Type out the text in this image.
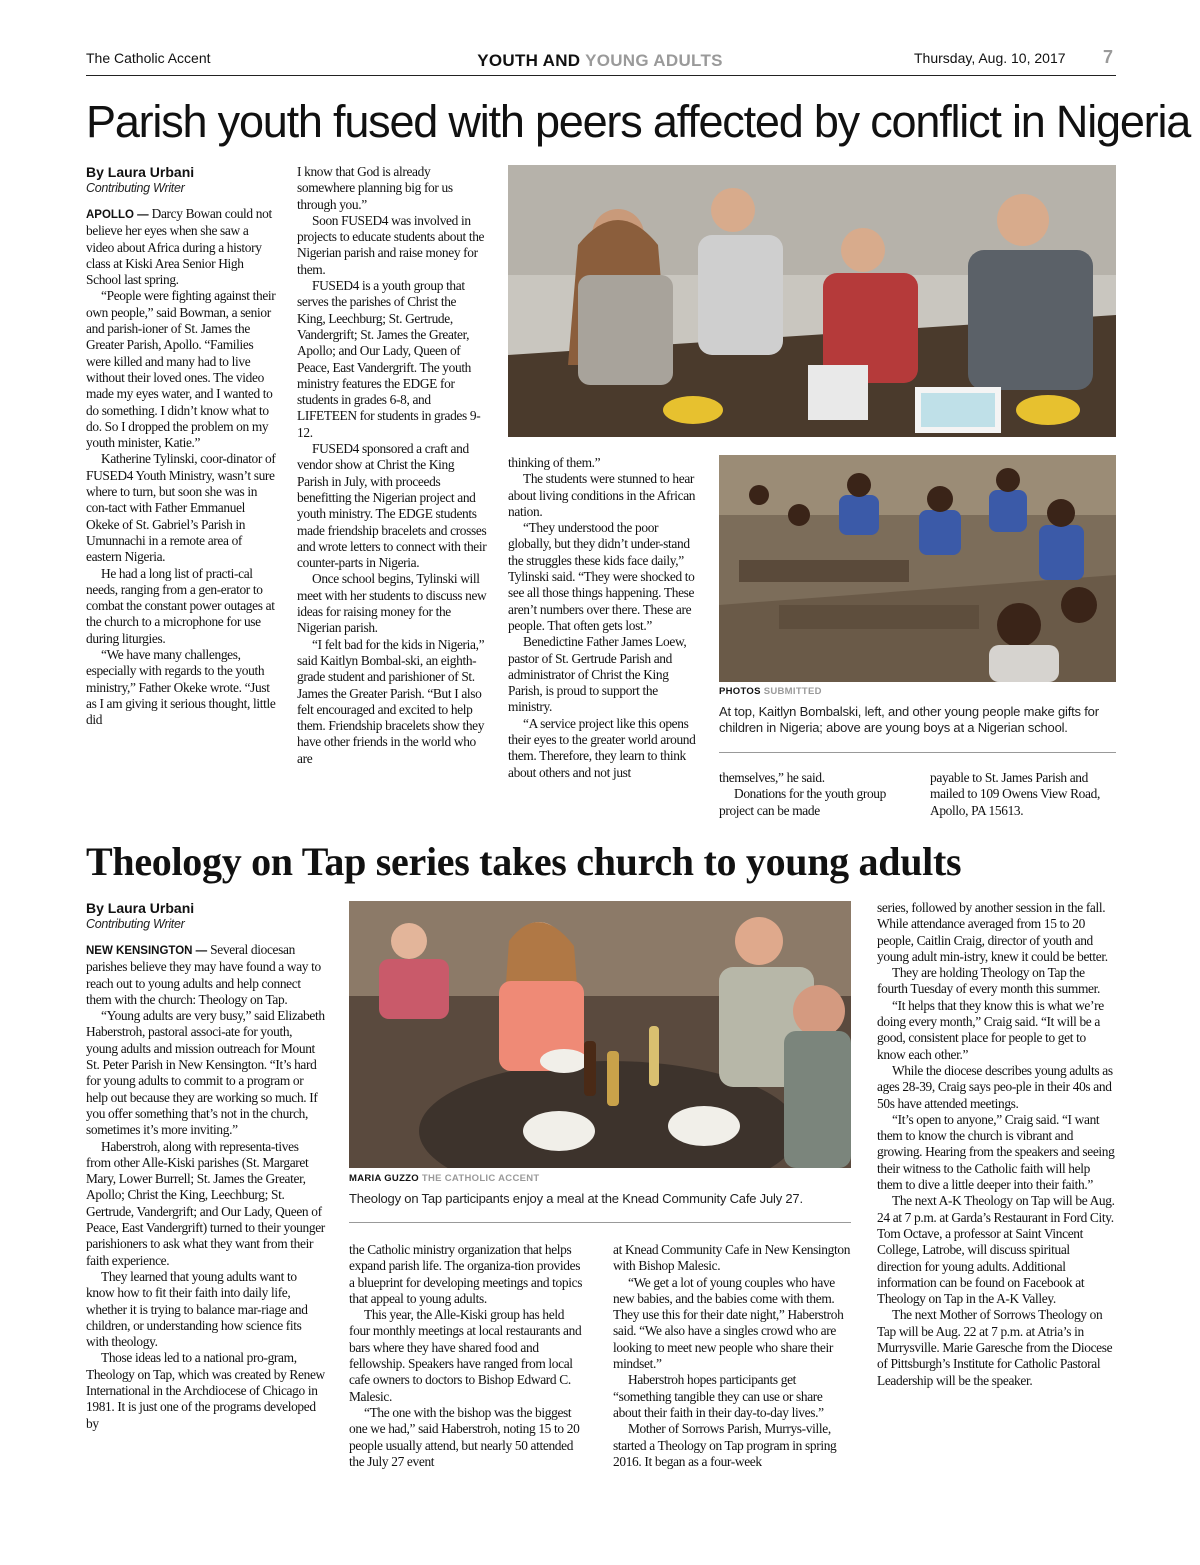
The Catholic Accent	YOUTH AND YOUNG ADULTS	Thursday, Aug. 10, 2017 7
Parish youth fused with peers affected by conflict in Nigeria
By Laura Urbani
Contributing Writer

APOLLO — Darcy Bowan could not believe her eyes when she saw a video about Africa during a history class at Kiski Area Senior High School last spring.

“People were fighting against their own people,” said Bowman, a senior and parish-ioner of St. James the Greater Parish, Apollo. “Families were killed and many had to live without their loved ones. The video made my eyes water, and I wanted to do something. I didn’t know what to do. So I dropped the problem on my youth minister, Katie.”

Katherine Tylinski, coor-dinator of FUSED4 Youth Ministry, wasn’t sure where to turn, but soon she was in con-tact with Father Emmanuel Okeke of St. Gabriel’s Parish in Umunnachi in a remote area of eastern Nigeria.

He had a long list of practi-cal needs, ranging from a gen-erator to combat the constant power outages at the church to a microphone for use during liturgies.

“We have many challenges, especially with regards to the youth ministry,” Father Okeke wrote. “Just as I am giving it serious thought, little did

I know that God is already somewhere planning big for us through you.”

Soon FUSED4 was involved in projects to educate students about the Nigerian parish and raise money for them.

FUSED4 is a youth group that serves the parishes of Christ the King, Leechburg; St. Gertrude, Vandergrift; St. James the Greater, Apollo; and Our Lady, Queen of Peace, East Vandergrift. The youth ministry features the EDGE for students in grades 6-8, and LIFETEEN for students in grades 9-12.

FUSED4 sponsored a craft and vendor show at Christ the King Parish in July, with proceeds benefitting the Nigerian project and youth ministry. The EDGE students made friendship bracelets and crosses and wrote letters to connect with their counter-parts in Nigeria.

Once school begins, Tylinski will meet with her students to discuss new ideas for raising money for the Nigerian parish.

“I felt bad for the kids in Nigeria,” said Kaitlyn Bombal-ski, an eighth-grade student and parishioner of St. James the Greater Parish. “But I also felt encouraged and excited to help them. Friendship bracelets show they have other friends in the world who are

thinking of them.”

The students were stunned to hear about living conditions in the African nation.

“They understood the poor globally, but they didn’t under-stand the struggles these kids face daily,” Tylinski said. “They were shocked to see all those things happening. These aren’t numbers over there. These are people. That often gets lost.”

Benedictine Father James Loew, pastor of St. Gertrude Parish and administrator of Christ the King Parish, is proud to support the ministry.

“A service project like this opens their eyes to the greater world around them. Therefore, they learn to think about others and not just

PHOTOS SUBMITTED
At top, Kaitlyn Bombalski, left, and other young people make gifts for children in Nigeria; above are young boys at a Nigerian school.

themselves,” he said.

Donations for the youth group project can be made

payable to St. James Parish and mailed to 109 Owens View Road, Apollo, PA 15613.

Theology on Tap series takes church to young adults
By Laura Urbani
Contributing Writer

NEW KENSINGTON — Several diocesan parishes believe they may have found a way to reach out to young adults and help connect them with the church: Theology on Tap.

“Young adults are very busy,” said Elizabeth Haberstroh, pastoral associ-ate for youth, young adults and mission outreach for Mount St. Peter Parish in New Kensington. “It’s hard for young adults to commit to a program or help out because they are working so much. If you offer something that’s not in the church, sometimes it’s more inviting.”

Haberstroh, along with representa-tives from other Alle-Kiski parishes (St. Margaret Mary, Lower Burrell; St. James the Greater, Apollo; Christ the King, Leechburg; St. Gertrude, Vandergrift; and Our Lady, Queen of Peace, East Vandergrift) turned to their younger parishioners to ask what they want from their faith experience.

They learned that young adults want to know how to fit their faith into daily life, whether it is trying to balance mar-riage and children, or understanding how science fits with theology.

Those ideas led to a national pro-gram, Theology on Tap, which was created by Renew International in the Archdiocese of Chicago in 1981. It is just one of the programs developed by

MARIA GUZZO THE CATHOLIC ACCENT
Theology on Tap participants enjoy a meal at the Knead Community Cafe July 27.

the Catholic ministry organization that helps expand parish life. The organiza-tion provides a blueprint for developing meetings and topics that appeal to young adults.

This year, the Alle-Kiski group has held four monthly meetings at local restaurants and bars where they have shared food and fellowship. Speakers have ranged from local cafe owners to doctors to Bishop Edward C. Malesic.

“The one with the bishop was the biggest one we had,” said Haberstroh, noting 15 to 20 people usually attend, but nearly 50 attended the July 27 event

at Knead Community Cafe in New Kensington with Bishop Malesic.

“We get a lot of young couples who have new babies, and the babies come with them. They use this for their date night,” Haberstroh said. “We also have a singles crowd who are looking to meet new people who share their mindset.”

Haberstroh hopes participants get “something tangible they can use or share about their faith in their day-to-day lives.”

Mother of Sorrows Parish, Murrys-ville, started a Theology on Tap program in spring 2016. It began as a four-week

series, followed by another session in the fall. While attendance averaged from 15 to 20 people, Caitlin Craig, director of youth and young adult min-istry, knew it could be better.

They are holding Theology on Tap the fourth Tuesday of every month this summer.

“It helps that they know this is what we’re doing every month,” Craig said. “It will be a good, consistent place for people to get to know each other.”

While the diocese describes young adults as ages 28-39, Craig says peo-ple in their 40s and 50s have attended meetings.

“It’s open to anyone,” Craig said. “I want them to know the church is vibrant and growing. Hearing from the speakers and seeing their witness to the Catholic faith will help them to dive a little deeper into their faith.”

The next A-K Theology on Tap will be Aug. 24 at 7 p.m. at Garda’s Restaurant in Ford City. Tom Octave, a professor at Saint Vincent College, Latrobe, will discuss spiritual direction for young adults. Additional information can be found on Facebook at Theology on Tap in the A-K Valley.

The next Mother of Sorrows Theology on Tap will be Aug. 22 at 7 p.m. at Atria’s in Murrysville. Marie Garesche from the Diocese of Pittsburgh’s Institute for Catholic Pastoral Leadership will be the speaker.
